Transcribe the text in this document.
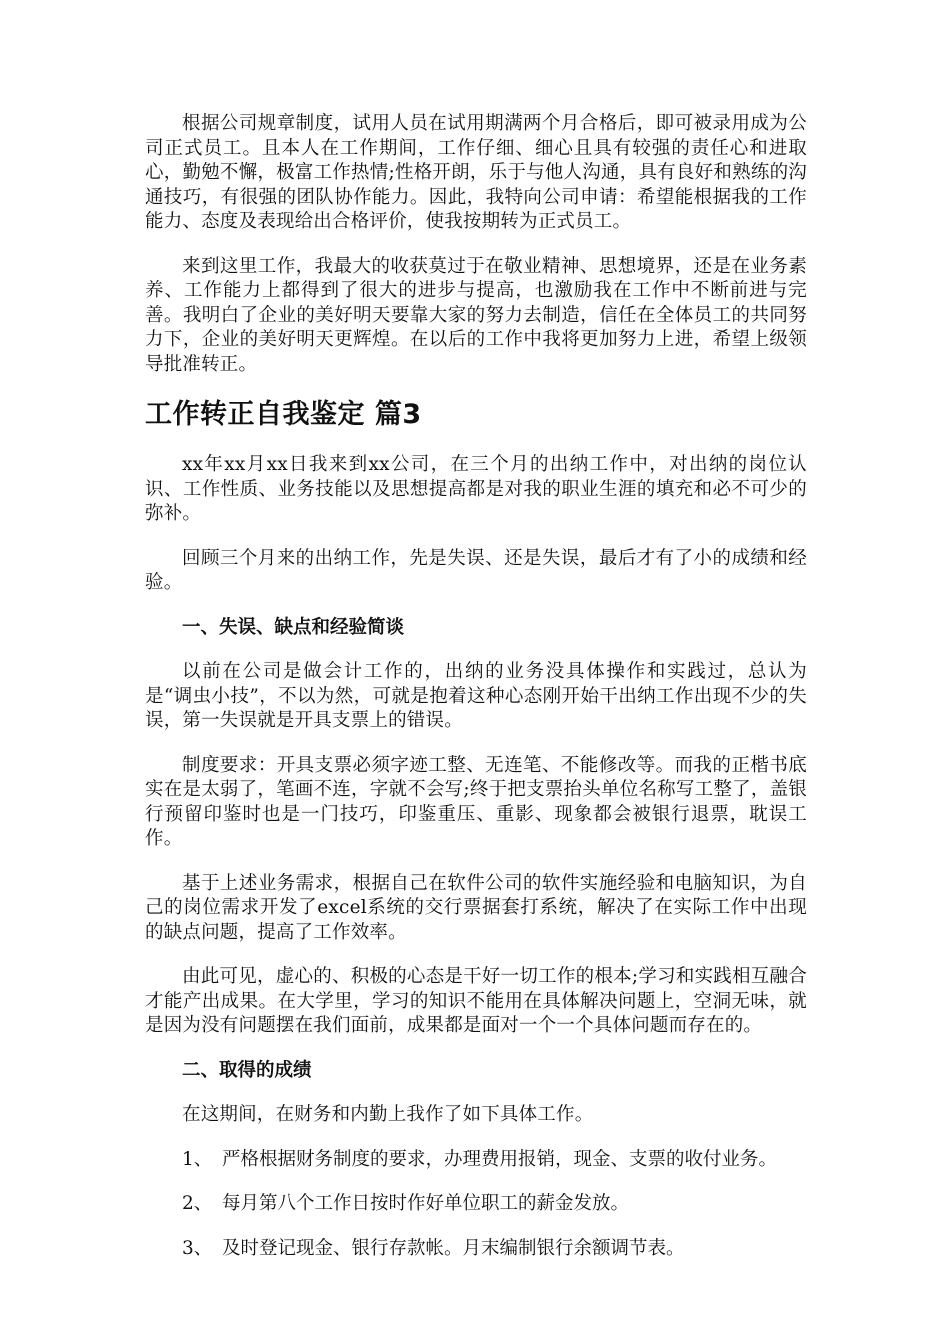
根据公司规章制度，试用人员在试用期满两个月合格后，即可被录用成为公司正式员工。且本人在工作期间，工作仔细、细心且具有较强的责任心和进取心，勤勉不懈，极富工作热情;性格开朗，乐于与他人沟通，具有良好和熟练的沟通技巧，有很强的团队协作能力。因此，我特向公司申请：希望能根据我的工作能力、态度及表现给出合格评价，使我按期转为正式员工。

来到这里工作，我最大的收获莫过于在敬业精神、思想境界，还是在业务素养、工作能力上都得到了很大的进步与提高，也激励我在工作中不断前进与完善。我明白了企业的美好明天要靠大家的努力去制造，信任在全体员工的共同努力下，企业的美好明天更辉煌。在以后的工作中我将更加努力上进，希望上级领导批准转正。

工作转正自我鉴定 篇3

xx年xx月xx日我来到xx公司，在三个月的出纳工作中，对出纳的岗位认识、工作性质、业务技能以及思想提高都是对我的职业生涯的填充和必不可少的弥补。

回顾三个月来的出纳工作，先是失误、还是失误，最后才有了小的成绩和经验。

一、失误、缺点和经验简谈

以前在公司是做会计工作的，出纳的业务没具体操作和实践过，总认为是“调虫小技”，不以为然，可就是抱着这种心态刚开始干出纳工作出现不少的失误，第一失误就是开具支票上的错误。

制度要求：开具支票必须字迹工整、无连笔、不能修改等。而我的正楷书底实在是太弱了，笔画不连，字就不会写;终于把支票抬头单位名称写工整了，盖银行预留印鉴时也是一门技巧，印鉴重压、重影、现象都会被银行退票，耽误工作。

基于上述业务需求，根据自己在软件公司的软件实施经验和电脑知识，为自己的岗位需求开发了excel系统的交行票据套打系统，解决了在实际工作中出现的缺点问题，提高了工作效率。

由此可见，虚心的、积极的心态是干好一切工作的根本;学习和实践相互融合才能产出成果。在大学里，学习的知识不能用在具体解决问题上，空洞无味，就是因为没有问题摆在我们面前，成果都是面对一个一个具体问题而存在的。

二、取得的成绩

在这期间，在财务和内勤上我作了如下具体工作。

1、 严格根据财务制度的要求，办理费用报销，现金、支票的收付业务。
2、 每月第八个工作日按时作好单位职工的薪金发放。
3、 及时登记现金、银行存款帐。月末编制银行余额调节表。
